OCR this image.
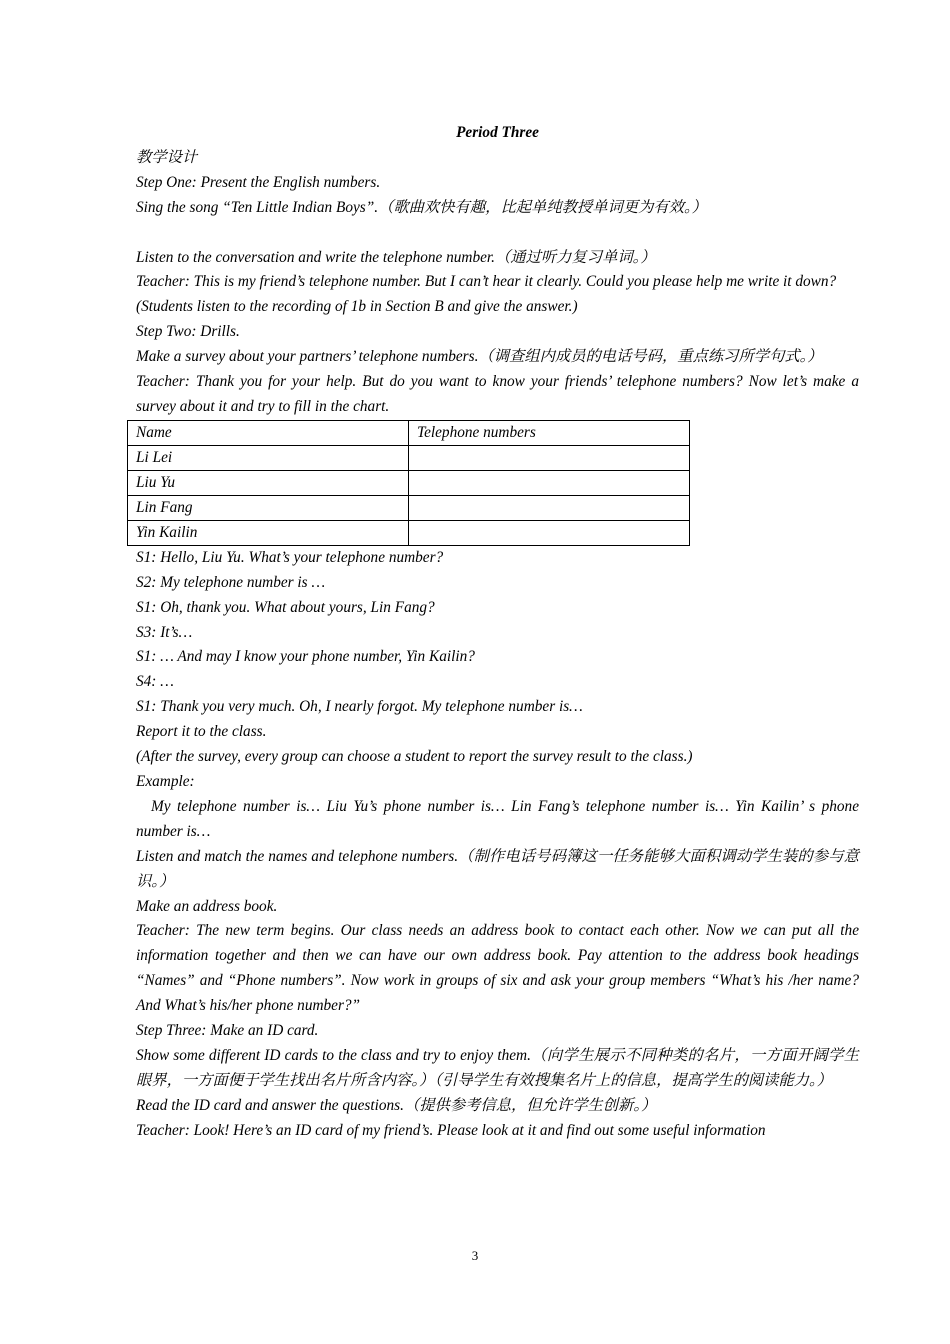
Period Three

教学设计

Step One: Present the English numbers.

Sing the song “Ten Little Indian Boys”.（歌曲欢快有趣，比起单纯教授单词更为有效。）

Listen to the conversation and write the telephone number.（通过听力复习单词。）

Teacher: This is my friend’s telephone number. But I can’t hear it clearly. Could you please help me write it down?

(Students listen to the recording of 1b in Section B and give the answer.)

Step Two: Drills.

Make a survey about your partners’ telephone numbers.（调查组内成员的电话号码，重点练习所学句式。）

Teacher: Thank you for your help. But do you want to know your friends’ telephone numbers? Now let’s make a survey about it and try to fill in the chart.

Name	Telephone numbers
Li Lei	
Liu Yu	
Lin Fang	
Yin Kailin	

S1: Hello, Liu Yu. What’s your telephone number?

S2: My telephone number is …

S1: Oh, thank you. What about yours, Lin Fang?

S3: It’s…

S1: … And may I know your phone number, Yin Kailin?

S4: …

S1: Thank you very much. Oh, I nearly forgot. My telephone number is…

Report it to the class.

(After the survey, every group can choose a student to report the survey result to the class.)

Example:

My telephone number is… Liu Yu’s phone number is… Lin Fang’s telephone number is… Yin Kailin’ s phone number is…

Listen and match the names and telephone numbers.（制作电话号码簿这一任务能够大面积调动学生装的参与意识。）

Make an address book.

Teacher: The new term begins. Our class needs an address book to contact each other. Now we can put all the information together and then we can have our own address book. Pay attention to the address book headings “Names” and “Phone numbers”. Now work in groups of six and ask your group members “What’s his /her name? And What’s his/her phone number?”

Step Three: Make an ID card.

Show some different ID cards to the class and try to enjoy them.（向学生展示不同种类的名片，一方面开阔学生眼界，一方面便于学生找出名片所含内容。）（引导学生有效搜集名片上的信息，提高学生的阅读能力。）

Read the ID card and answer the questions.（提供参考信息，但允许学生创新。）

Teacher: Look! Here’s an ID card of my friend’s. Please look at it and find out some useful information

3
